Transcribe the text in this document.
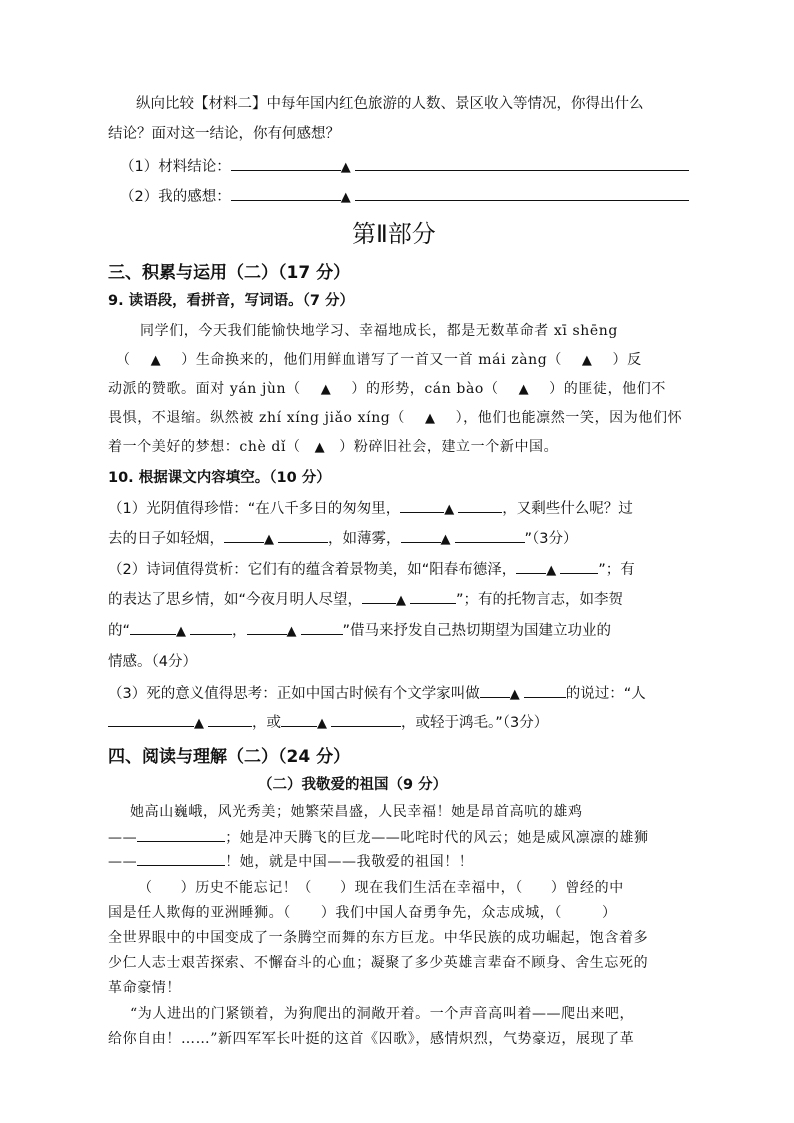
纵向比较【材料二】中每年国内红色旅游的人数、景区收入等情况，你得出什么
结论？面对这一结论，你有何感想？
（1）材料结论：	▲
（2）我的感想：	▲
第Ⅱ部分
三、积累与运用（二）（17 分）
9. 读语段，看拼音，写词语。（7 分）
同学们，今天我们能愉快地学习、幸福地成长，都是无数革命者 xī shēng
（ ▲ ）生命换来的，他们用鲜血谱写了一首又一首 mái zàng（ ▲ ）反
动派的赞歌。面对 yán jùn（ ▲ ）的形势，cán bào（ ▲ ）的匪徒，他们不
畏惧，不退缩。纵然被 zhí xíng jiǎo xíng（ ▲ ），他们也能凛然一笑，因为他们怀
着一个美好的梦想：chè dǐ（ ▲ ）粉碎旧社会，建立一个新中国。
10. 根据课文内容填空。（10 分）
（1）光阴值得珍惜：“在八千多日的匆匆里，	▲	，又剩些什么呢？过
去的日子如轻烟，	▲	，如薄雾，	▲	”（3分）
（2）诗词值得赏析：它们有的蕴含着景物美，如“阳春布德泽， ▲	”；有
的表达了思乡情，如“今夜月明人尽望，	▲	”；有的托物言志，如李贺
的“	▲	，	▲	”借马来抒发自己热切期望为国建立功业的
情感。（4分）
（3）死的意义值得思考：正如中国古时候有个文学家叫做 ▲	的说过：“人
▲	，或	▲	，或轻于鸿毛。”（3分）
四、阅读与理解（二）（24 分）
（二）我敬爱的祖国（9 分）
她高山巍峨，风光秀美；她繁荣昌盛，人民幸福！她是昂首高吭的雄鸡
——	；她是冲天腾飞的巨龙——叱咤时代的风云；她是威风凛凛的雄狮
——	！她，就是中国——我敬爱的祖国！！
（ ）历史不能忘记！（ ）现在我们生活在幸福中，（ ）曾经的中
国是任人欺侮的亚洲睡狮。（ ）我们中国人奋勇争先，众志成城，（	）
全世界眼中的中国变成了一条腾空而舞的东方巨龙。中华民族的成功崛起，饱含着多
少仁人志士艰苦探索、不懈奋斗的心血；凝聚了多少英雄言辈奋不顾身、舍生忘死的
革命豪情！
“为人进出的门紧锁着，为狗爬出的洞敞开着。一个声音高叫着——爬出来吧，
给你自由！……”新四军军长叶挺的这首《囚歌》，感情炽烈，气势豪迈，展现了革
